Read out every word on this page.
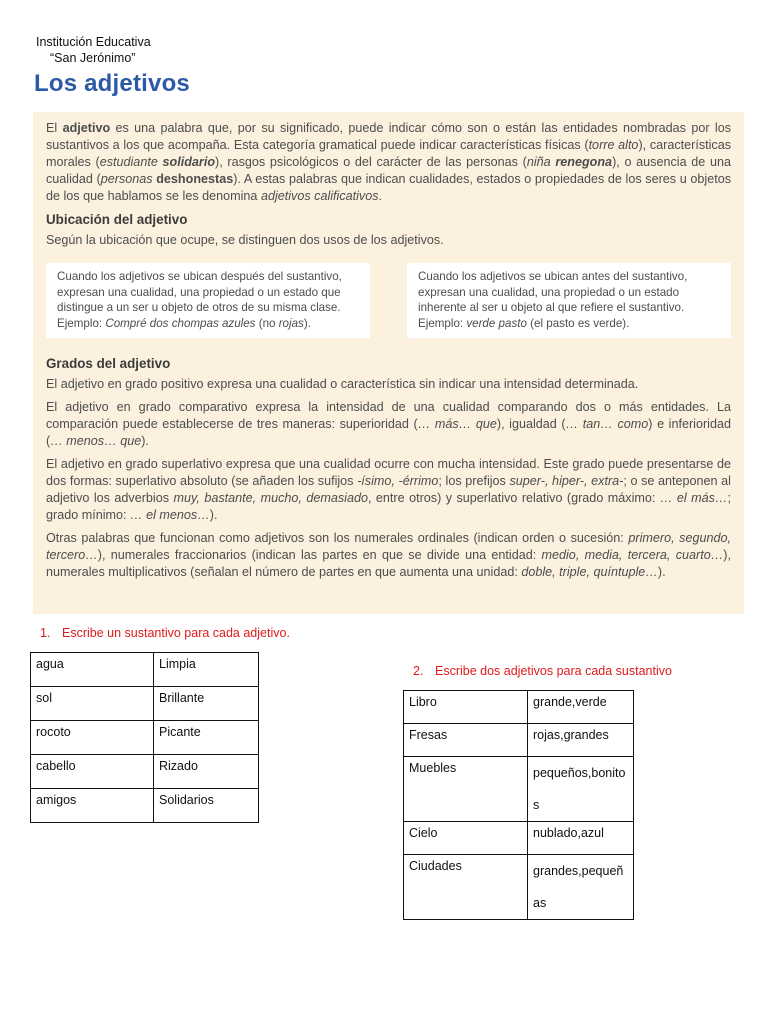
Institución Educativa
“San Jerónimo”
Los adjetivos

El adjetivo es una palabra que, por su significado, puede indicar cómo son o están las entidades nombradas por los sustantivos a los que acompaña. Esta categoría gramatical puede indicar características físicas (torre alto), características morales (estudiante solidario), rasgos psicológicos o del carácter de las personas (niña renegona), o ausencia de una cualidad (personas deshonestas). A estas palabras que indican cualidades, estados o propiedades de los seres u objetos de los que hablamos se les denomina adjetivos calificativos.

Ubicación del adjetivo

Según la ubicación que ocupe, se distinguen dos usos de los adjetivos.

Cuando los adjetivos se ubican después del sustantivo, expresan una cualidad, una propiedad o un estado que distingue a un ser u objeto de otros de su misma clase. Ejemplo: Compré dos chompas azules (no rojas).

Cuando los adjetivos se ubican antes del sustantivo, expresan una cualidad, una propiedad o un estado inherente al ser u objeto al que refiere el sustantivo. Ejemplo: verde pasto (el pasto es verde).

Grados del adjetivo

El adjetivo en grado positivo expresa una cualidad o característica sin indicar una intensidad determinada.

El adjetivo en grado comparativo expresa la intensidad de una cualidad comparando dos o más entidades. La comparación puede establecerse de tres maneras: superioridad (… más… que), igualdad (… tan… como) e inferioridad (… menos… que).

El adjetivo en grado superlativo expresa que una cualidad ocurre con mucha intensidad. Este grado puede presentarse de dos formas: superlativo absoluto (se añaden los sufijos -ísimo, -érrimo; los prefijos super-, hiper-, extra-; o se anteponen al adjetivo los adverbios muy, bastante, mucho, demasiado, entre otros) y superlativo relativo (grado máximo: … el más…; grado mínimo: … el menos…).

Otras palabras que funcionan como adjetivos son los numerales ordinales (indican orden o sucesión: primero, segundo, tercero…), numerales fraccionarios (indican las partes en que se divide una entidad: medio, media, tercera, cuarto…), numerales multiplicativos (señalan el número de partes en que aumenta una unidad: doble, triple, quíntuple…).

1. Escribe un sustantivo para cada adjetivo.

agua	Limpia
sol	Brillante
rocoto	Picante
cabello	Rizado
amigos	Solidarios

2. Escribe dos adjetivos para cada sustantivo

Libro	grande,verde
Fresas	rojas,grandes
Muebles	pequeños,bonitos
Cielo	nublado,azul
Ciudades	grandes,pequeñas
